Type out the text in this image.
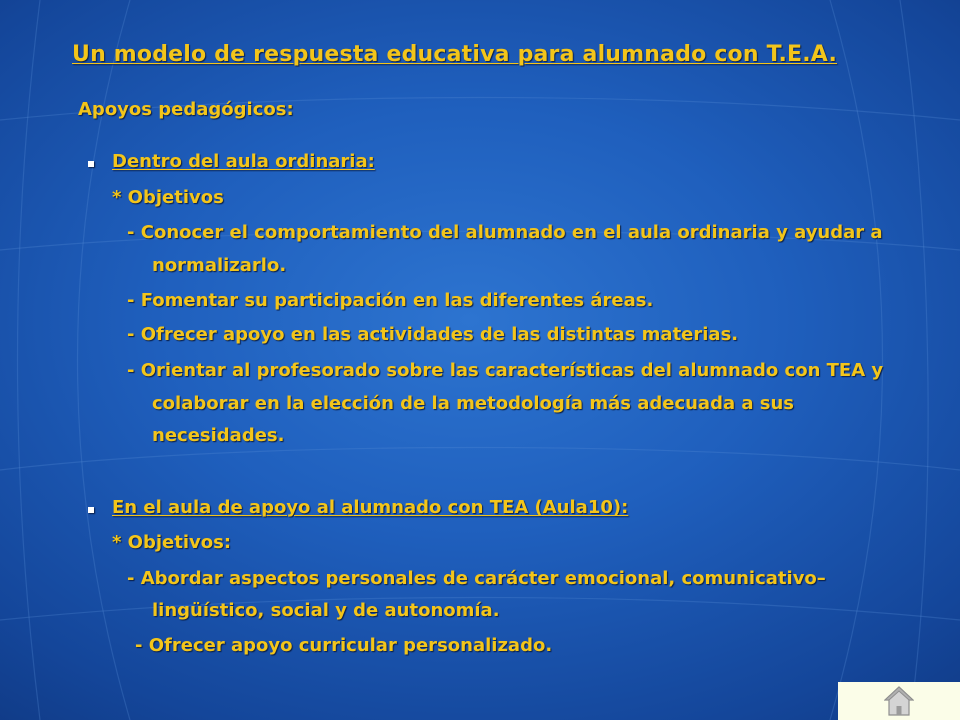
Un modelo de respuesta educativa para alumnado con T.E.A.
Apoyos pedagógicos:
Dentro del aula ordinaria:
* Objetivos
- Conocer el comportamiento del alumnado en el aula ordinaria y ayudar a
normalizarlo.
- Fomentar su participación en las diferentes áreas.
- Ofrecer apoyo en las actividades de las distintas materias.
- Orientar al profesorado sobre las características del alumnado con TEA y
colaborar en la elección de la metodología más adecuada a sus
necesidades.
En el aula de apoyo al alumnado con TEA (Aula10):
* Objetivos:
- Abordar aspectos personales de carácter emocional, comunicativo–
lingüístico, social y de autonomía.
- Ofrecer apoyo curricular personalizado.
